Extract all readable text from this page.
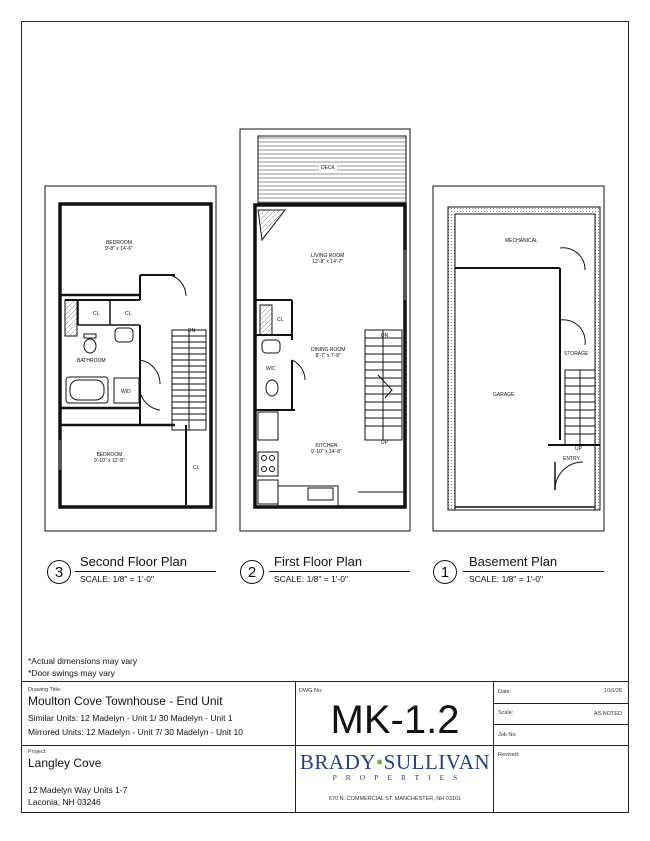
BEDROOM
9'-8" x 14'-6"
CL	CL
DN
BATHROOM
W/D
BEDROOM
9'-10" x 12'-8"
CL
DECK
LIVING ROOM
12'-8" x 14'-7"
CL
DINING ROOM
8'-7" x 7'-8"
DN
W/C
KITCHEN
9'-10" x 14'-8"
UP
MECHANICAL
STORAGE
GARAGE
UP
ENTRY
3
Second Floor Plan
SCALE: 1/8" = 1'-0"	2
First Floor Plan
SCALE: 1/8" = 1'-0"	1
Basement Plan
SCALE: 1/8" = 1'-0"
*Actual dimensions may vary
*Door swings may vary
Drawing Title:
Moulton Cove Townhouse - End Unit
Similar Units: 12 Madelyn - Unit 1/ 30 Madelyn - Unit 1
Mirrored Units: 12 Madelyn - Unit 7/ 30 Madelyn - Unit 10
Project:
Langley Cove
12 Madelyn Way Units 1-7
Laconia, NH 03246
DWG No:
MK-1.2
BRADY•SULLIVAN
PROPERTIES
670 N. COMMERCIAL ST. MANCHESTER, NH 03101
Date:	1/16/26
Scale:	AS NOTED
Job No:
Revised:
